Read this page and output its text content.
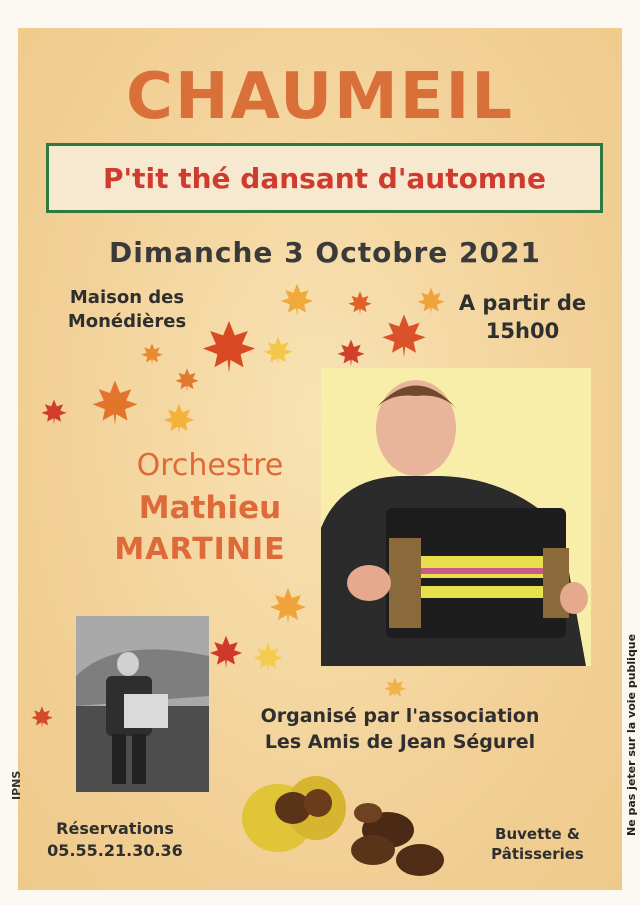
CHAUMEIL
P'tit thé dansant d'automne
Dimanche 3 Octobre 2021
Maison des
Monédières
A partir de
15h00
Orchestre
Mathieu
MARTINIE
Organisé par l'association
Les Amis de Jean Ségurel
Réservations
05.55.21.30.36
Buvette &
Pâtisseries
IPNS	Ne pas jeter sur la voie publique
